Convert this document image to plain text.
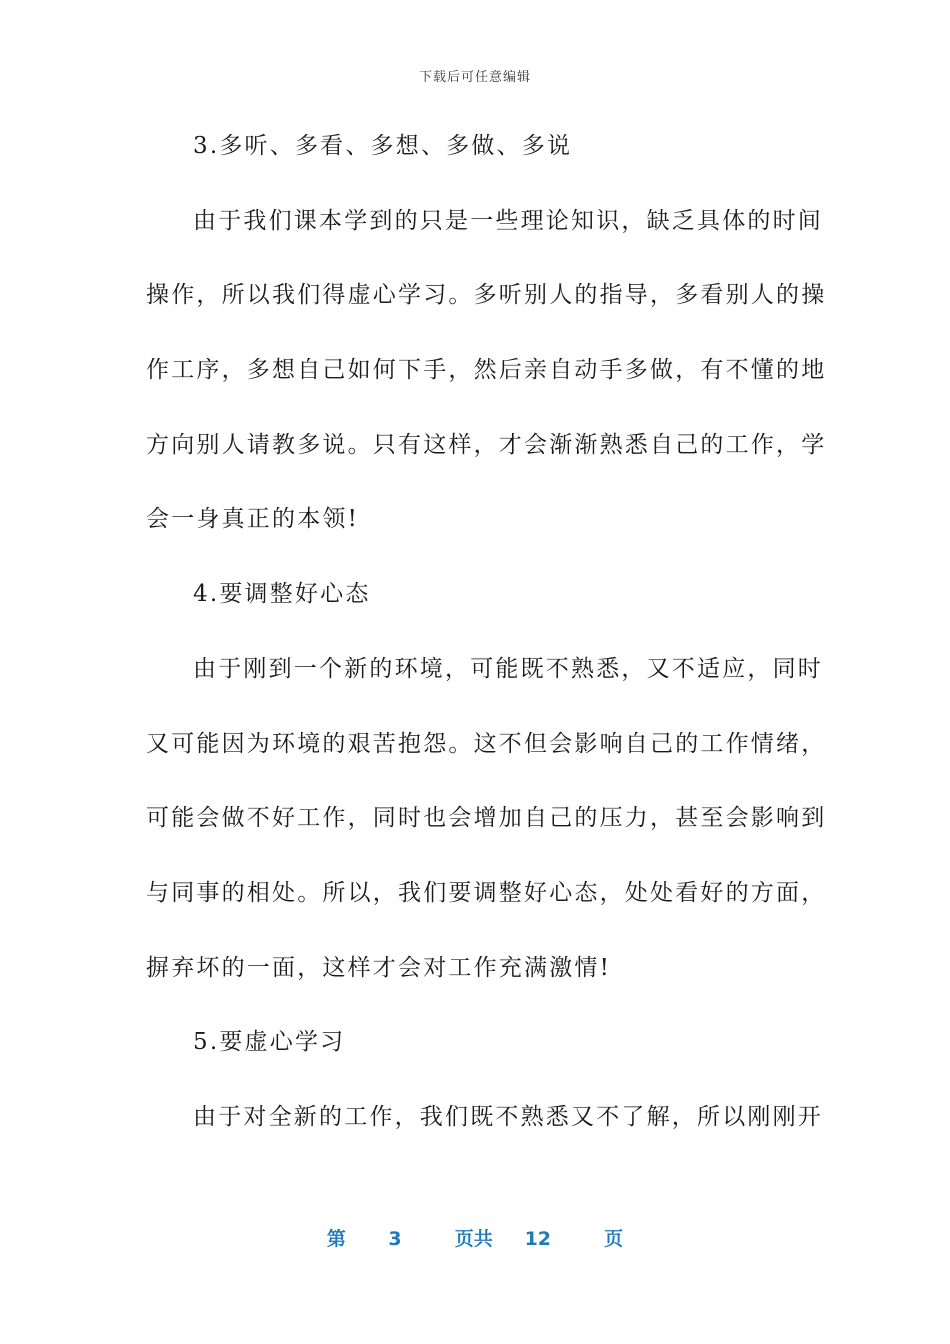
下载后可任意编辑
3.多听、多看、多想、多做、多说
由于我们课本学到的只是一些理论知识，缺乏具体的时间
操作，所以我们得虚心学习。多听别人的指导，多看别人的操
作工序，多想自己如何下手，然后亲自动手多做，有不懂的地
方向别人请教多说。只有这样，才会渐渐熟悉自己的工作，学
会一身真正的本领!
4.要调整好心态
由于刚到一个新的环境，可能既不熟悉，又不适应，同时
又可能因为环境的艰苦抱怨。这不但会影响自己的工作情绪，
可能会做不好工作，同时也会增加自己的压力，甚至会影响到
与同事的相处。所以，我们要调整好心态，处处看好的方面，
摒弃坏的一面，这样才会对工作充满激情!
5.要虚心学习
由于对全新的工作，我们既不熟悉又不了解，所以刚刚开
第 3	页共 12	页
